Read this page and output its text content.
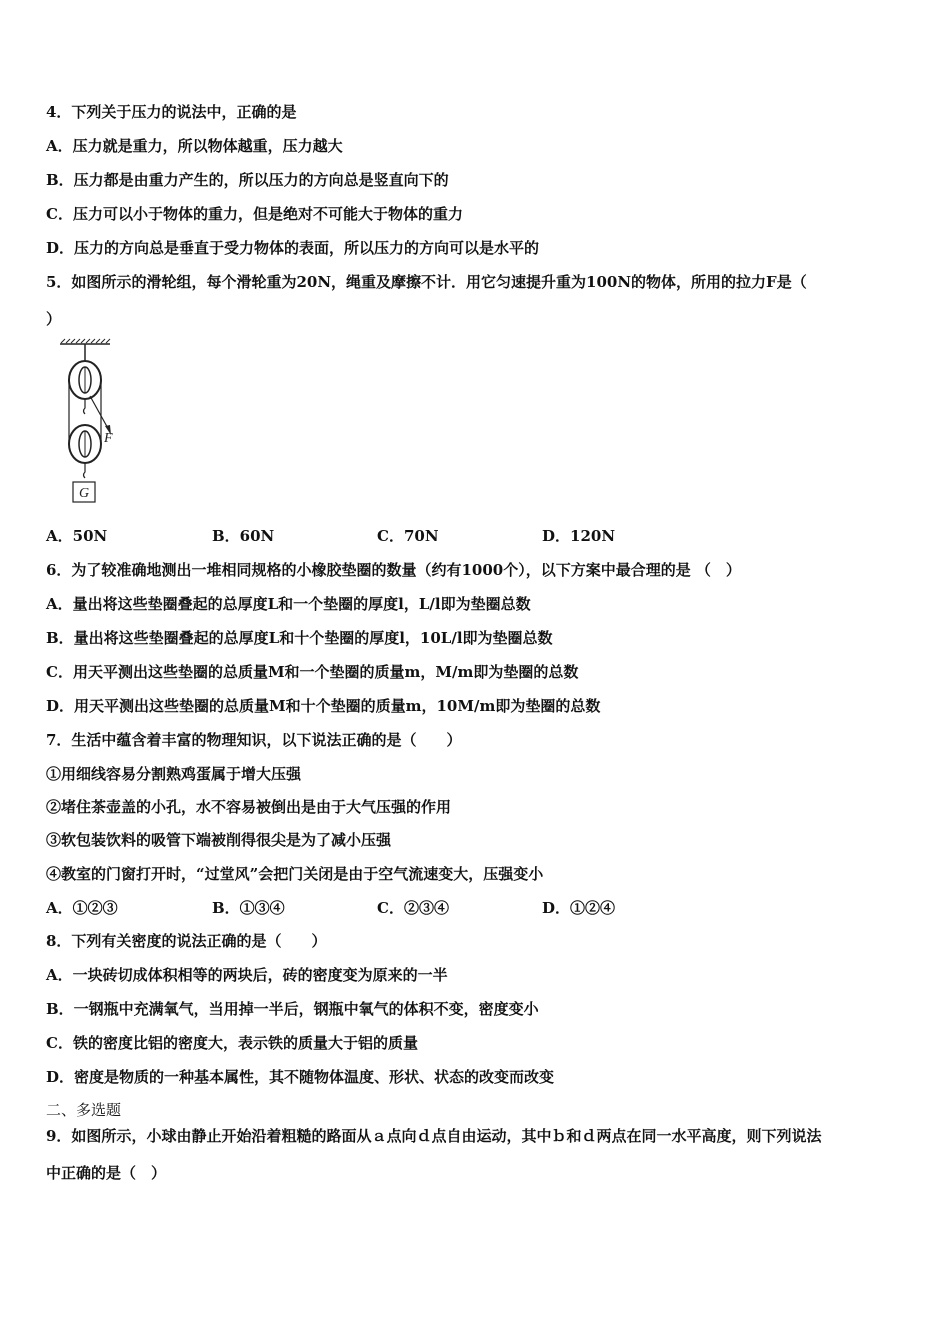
4．下列关于压力的说法中，正确的是
A．压力就是重力，所以物体越重，压力越大
B．压力都是由重力产生的，所以压力的方向总是竖直向下的
C．压力可以小于物体的重力，但是绝对不可能大于物体的重力
D．压力的方向总是垂直于受力物体的表面，所以压力的方向可以是水平的
5．如图所示的滑轮组，每个滑轮重为20N，绳重及摩擦不计．用它匀速提升重为100N的物体，所用的拉力F是（
）
F
G
A．50N	B．60N	C．70N	D．120N
6．为了较准确地测出一堆相同规格的小橡胶垫圈的数量（约有1000个），以下方案中最合理的是 （　）
A．量出将这些垫圈叠起的总厚度L和一个垫圈的厚度l，L/l即为垫圈总数
B．量出将这些垫圈叠起的总厚度L和十个垫圈的厚度l，10L/l即为垫圈总数
C．用天平测出这些垫圈的总质量M和一个垫圈的质量m，M/m即为垫圈的总数
D．用天平测出这些垫圈的总质量M和十个垫圈的质量m，10M/m即为垫圈的总数
7．生活中蕴含着丰富的物理知识，以下说法正确的是（　　）
①用细线容易分割熟鸡蛋属于增大压强
②堵住茶壶盖的小孔，水不容易被倒出是由于大气压强的作用
③软包装饮料的吸管下端被削得很尖是为了减小压强
④教室的门窗打开时，“过堂风”会把门关闭是由于空气流速变大，压强变小
A．①②③	B．①③④	C．②③④	D．①②④
8．下列有关密度的说法正确的是（　　）
A．一块砖切成体积相等的两块后，砖的密度变为原来的一半
B．一钢瓶中充满氧气，当用掉一半后，钢瓶中氧气的体积不变，密度变小
C．铁的密度比铝的密度大，表示铁的质量大于铝的质量
D．密度是物质的一种基本属性，其不随物体温度、形状、状态的改变而改变
二、多选题
9．如图所示，小球由静止开始沿着粗糙的路面从ａ点向ｄ点自由运动，其中ｂ和ｄ两点在同一水平高度，则下列说法
中正确的是（　）
